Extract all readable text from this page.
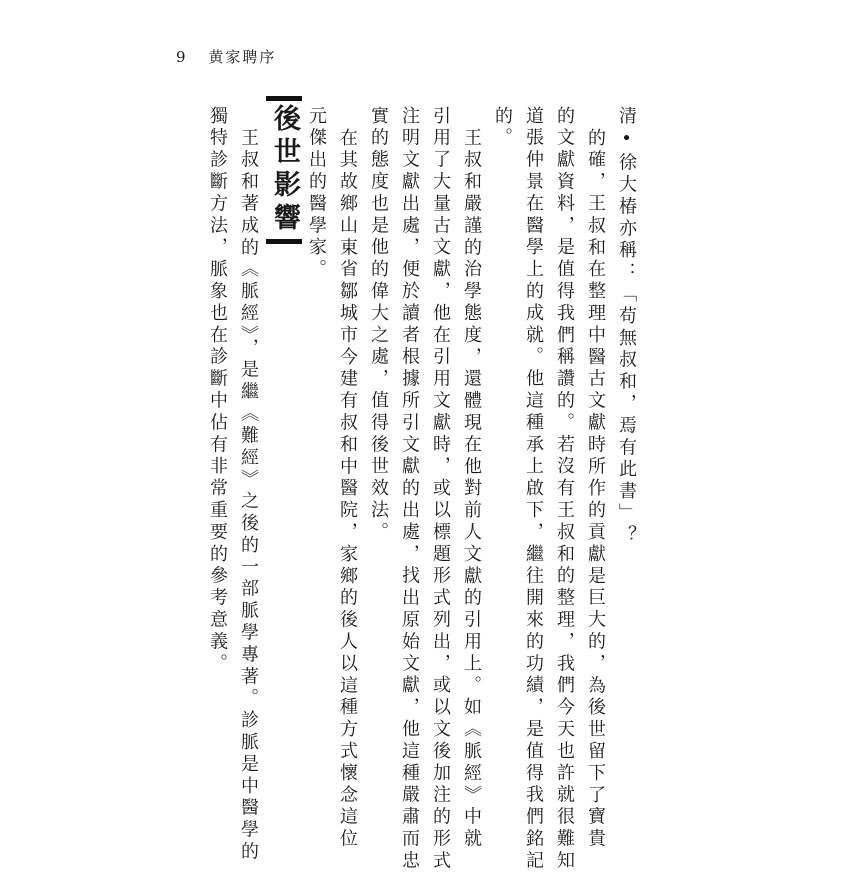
9 黄家聘序
清•徐大椿亦稱：「苟無叔和，焉有此書」？
的確，王叔和在整理中醫古文獻時所作的貢獻是巨大的，為後世留下了寶貴
的文獻資料，是值得我們稱讚的。若沒有王叔和的整理，我們今天也許就很難知
道張仲景在醫學上的成就。他這種承上啟下，繼往開來的功績，是值得我們銘記
的。
王叔和嚴謹的治學態度，還體現在他對前人文獻的引用上。如《脈經》中就
引用了大量古文獻，他在引用文獻時，或以標題形式列出，或以文後加注的形式
注明文獻出處，便於讀者根據所引文獻的出處，找出原始文獻，他這種嚴肅而忠
實的態度也是他的偉大之處，值得後世效法。
在其故鄉山東省鄒城市今建有叔和中醫院，家鄉的後人以這種方式懷念這位
元傑出的醫學家。
後世影響
王叔和著成的《脈經》，是繼《難經》之後的一部脈學專著。診脈是中醫學的
獨特診斷方法，脈象也在診斷中佔有非常重要的參考意義。
